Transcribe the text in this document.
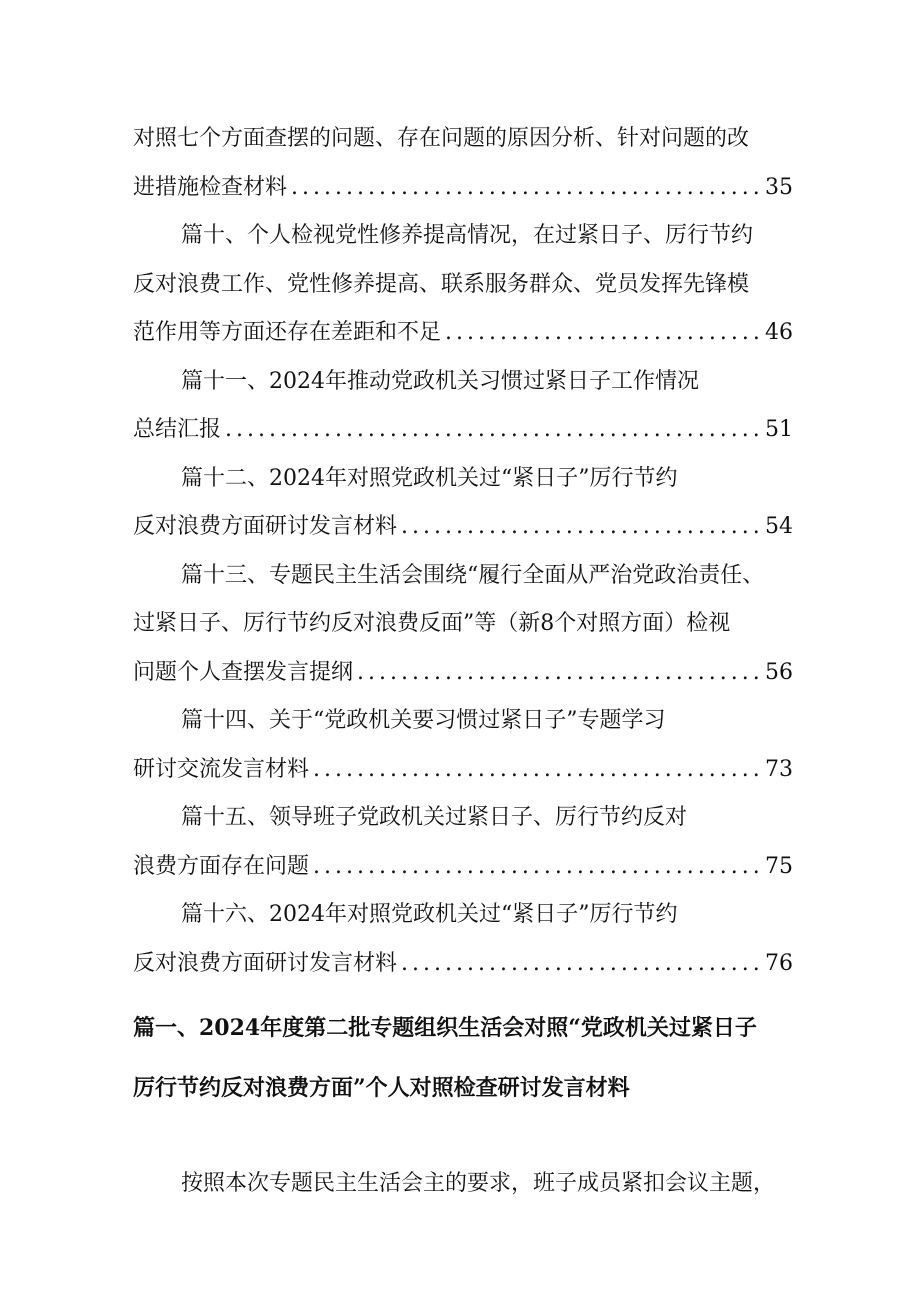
对照七个方面查摆的问题、存在问题的原因分析、针对问题的改
进措施检查材料 .....	35
篇十、个人检视党性修养提高情况，在过紧日子、厉行节约
反对浪费工作、党性修养提高、联系服务群众、党员发挥先锋模
范作用等方面还存在差距和不足 .....	46
篇十一、2024年推动党政机关习惯过紧日子工作情况
总结汇报 .....	51
篇十二、2024年对照党政机关过“紧日子”厉行节约
反对浪费方面研讨发言材料 .....	54
篇十三、专题民主生活会围绕“履行全面从严治党政治责任、
过紧日子、厉行节约反对浪费反面”等（新8个对照方面）检视
问题个人查摆发言提纲 .....	56
篇十四、关于“党政机关要习惯过紧日子”专题学习
研讨交流发言材料 .....	73
篇十五、领导班子党政机关过紧日子、厉行节约反对
浪费方面存在问题 .....	75
篇十六、2024年对照党政机关过“紧日子”厉行节约
反对浪费方面研讨发言材料 .....	76
篇一、2024年度第二批专题组织生活会对照“党政机关过紧日子
厉行节约反对浪费方面”个人对照检查研讨发言材料
按照本次专题民主生活会主的要求，班子成员紧扣会议主题，
